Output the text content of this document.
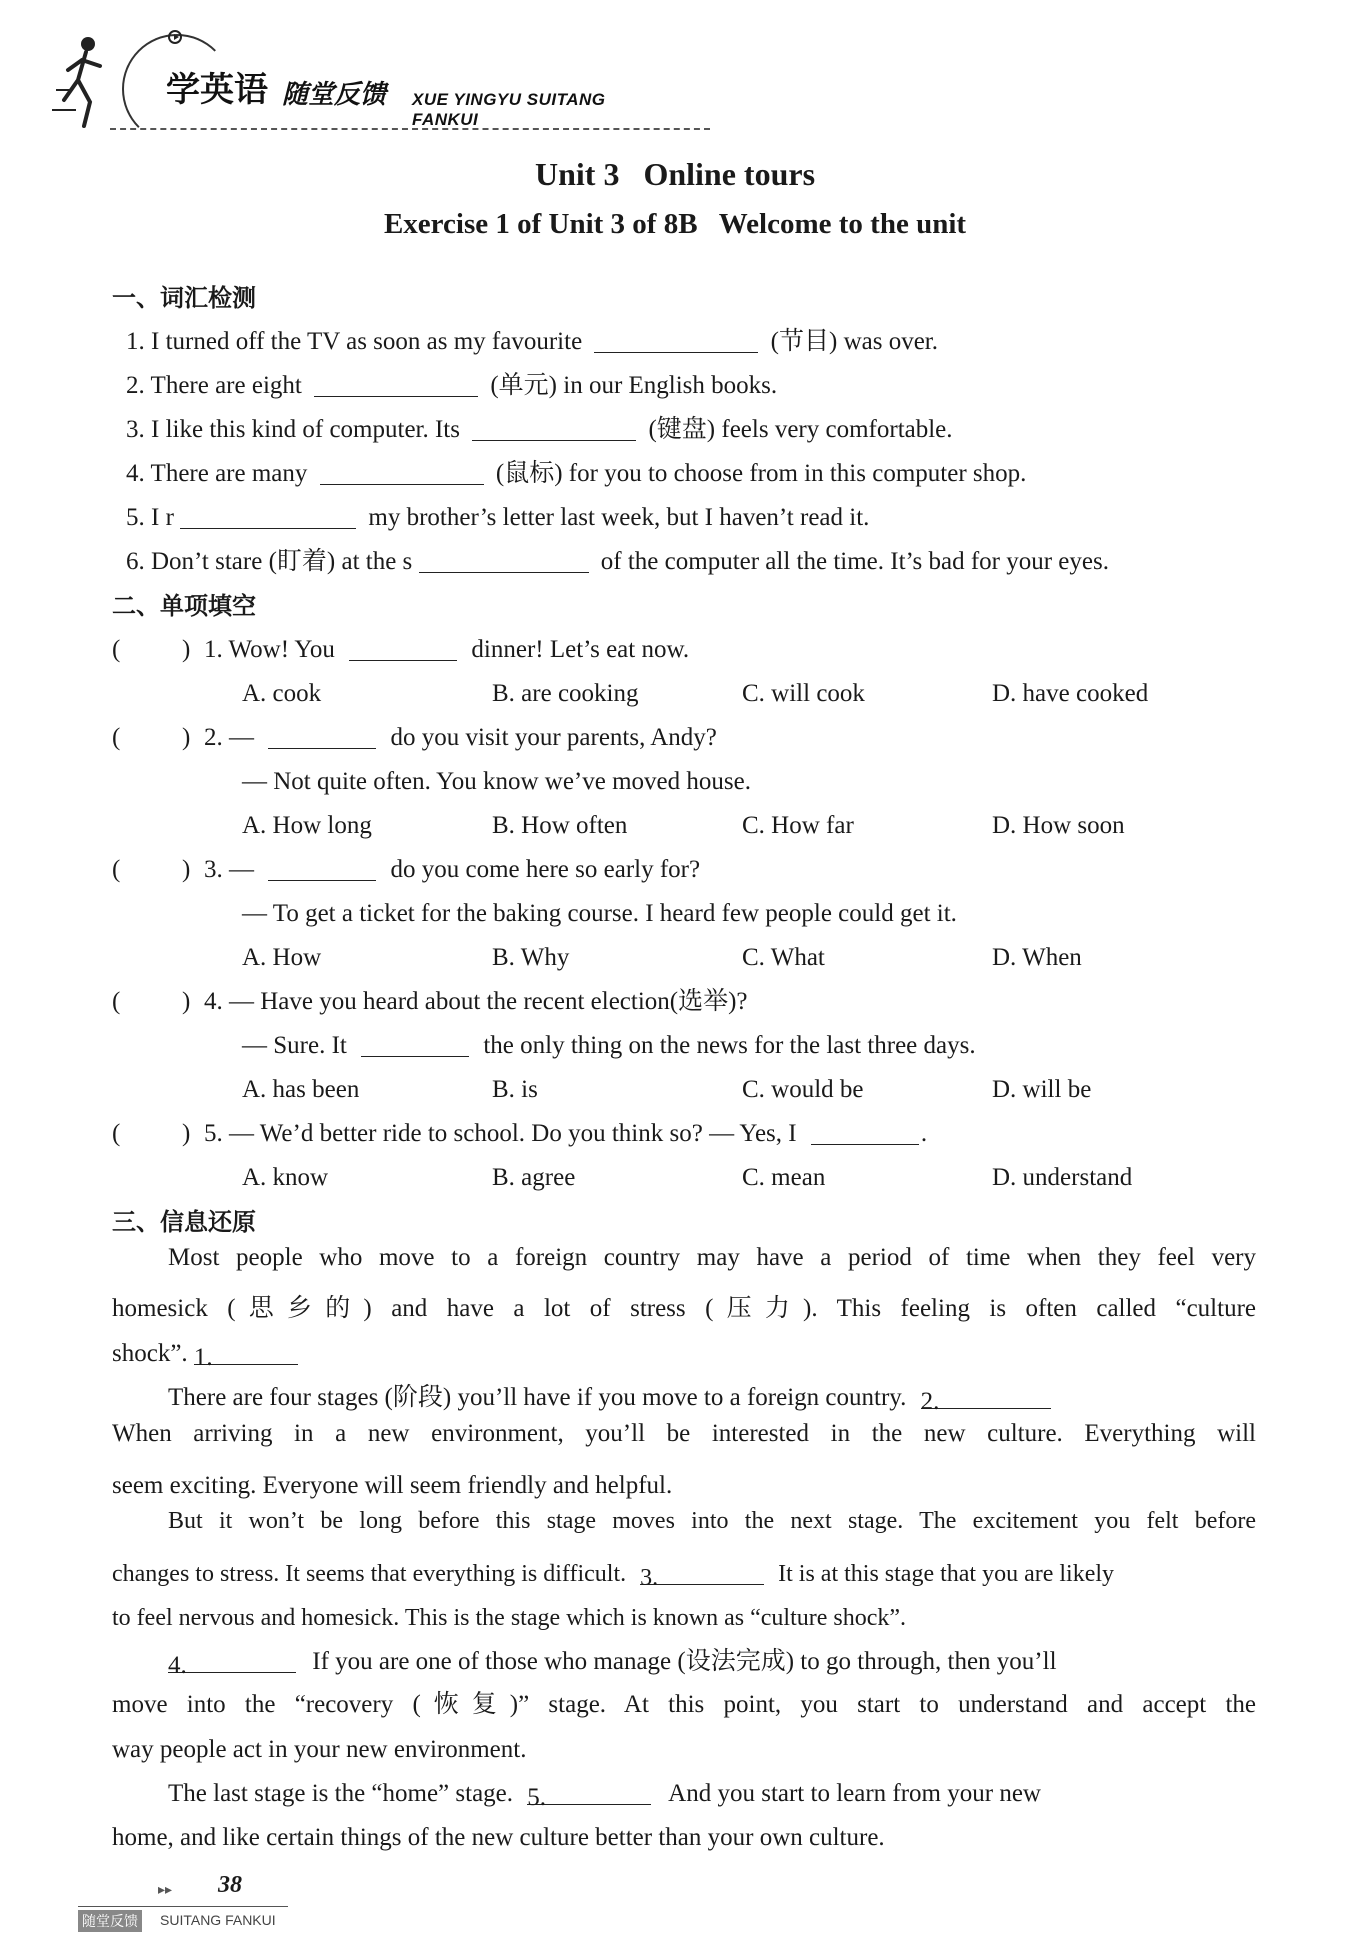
学英语 随堂反馈 XUE YINGYU SUITANG FANKUI
Unit 3   Online tours
Exercise 1 of Unit 3 of 8B   Welcome to the unit
一、词汇检测
1. I turned off the TV as soon as my favourite	(节目) was over.
2. There are eight	(单元) in our English books.
3. I like this kind of computer. Its	(键盘) feels very comfortable.
4. There are many	(鼠标) for you to choose from in this computer shop.
5. I r	my brother’s letter last week, but I haven’t read it.
6. Don’t stare (盯着) at the s	of the computer all the time. It’s bad for your eyes.
二、单项填空
( ) 1. Wow! You	dinner! Let’s eat now.
A. cook	B. are cooking	C. will cook	D. have cooked
( ) 2. —	do you visit your parents, Andy?
— Not quite often. You know we’ve moved house.
A. How long	B. How often	C. How far	D. How soon
( ) 3. —	do you come here so early for?
— To get a ticket for the baking course. I heard few people could get it.
A. How	B. Why	C. What	D. When
( ) 4. — Have you heard about the recent election(选举)?
— Sure. It	the only thing on the news for the last three days.
A. has been	B. is	C. would be	D. will be
( ) 5. — We’d better ride to school. Do you think so? — Yes, I	.
A. know	B. agree	C. mean	D. understand
三、信息还原
Most people who move to a foreign country may have a period of time when they feel very
homesick (思乡的) and have a lot of stress (压力). This feeling is often called “culture
shock”. 1.
There are four stages (阶段) you’ll have if you move to a foreign country. 2.
When arriving in a new environment, you’ll be interested in the new culture. Everything will
seem exciting. Everyone will seem friendly and helpful.
But it won’t be long before this stage moves into the next stage. The excitement you felt before
changes to stress. It seems that everything is difficult. 3.	It is at this stage that you are likely
to feel nervous and homesick. This is the stage which is known as “culture shock”.
4.	If you are one of those who manage (设法完成) to go through, then you’ll
move into the “recovery (恢复)” stage. At this point, you start to understand and accept the
way people act in your new environment.
The last stage is the “home” stage. 5.	And you start to learn from your new
home, and like certain things of the new culture better than your own culture.
▸▸ 38
随堂反馈 SUITANG FANKUI
